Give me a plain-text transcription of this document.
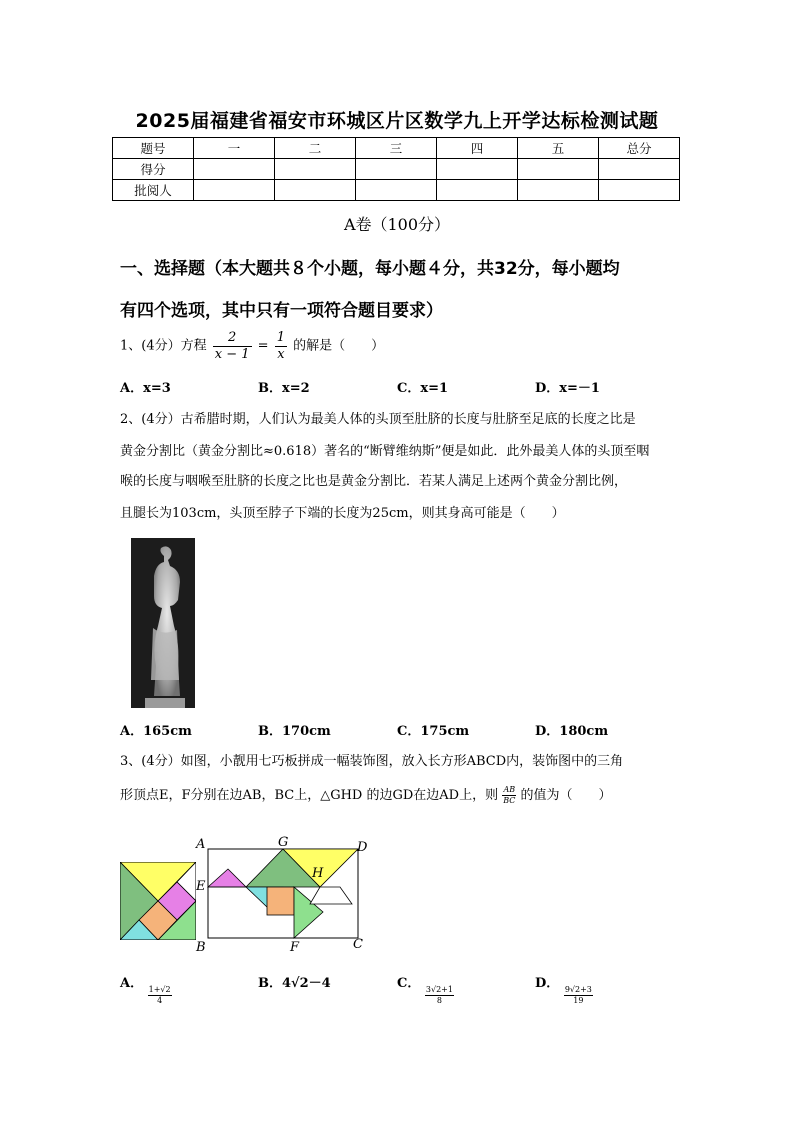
2025届福建省福安市环城区片区数学九上开学达标检测试题
题号	一	二	三	四	五	总分
得分						
批阅人						
A卷（100分）
一、选择题（本大题共８个小题，每小题４分，共32分，每小题均
有四个选项，其中只有一项符合题目要求）
1、(4分）方程 $\frac{2}{x - 1} = \frac{1}{x}$ 的解是（　　）
A．x=3	B．x=2	C．x=1	D．x=－1
2、(4分）古希腊时期，人们认为最美人体的头顶至肚脐的长度与肚脐至足底的长度之比是
黄金分割比（黄金分割比≈0.618）著名的“断臂维纳斯”便是如此．此外最美人体的头顶至咽
喉的长度与咽喉至肚脐的长度之比也是黄金分割比．若某人满足上述两个黄金分割比例，
且腿长为103cm，头顶至脖子下端的长度为25cm，则其身高可能是（　　）
A．165cm	B．170cm	C．175cm	D．180cm
3、(4分）如图，小靓用七巧板拼成一幅装饰图，放入长方形ABCD内，装饰图中的三角
形顶点E，F分别在边AB，BC上，△GHD 的边GD在边AD上，则 $\frac{AB}{BC}$ 的值为（　　）
A	G	D
H
E
B	F	C
A．
$\frac{1+√2}{4}$
B．4√2－4	C．
$\frac{3√2+1}{8}$
D．
$\frac{9√2+3}{19}$
